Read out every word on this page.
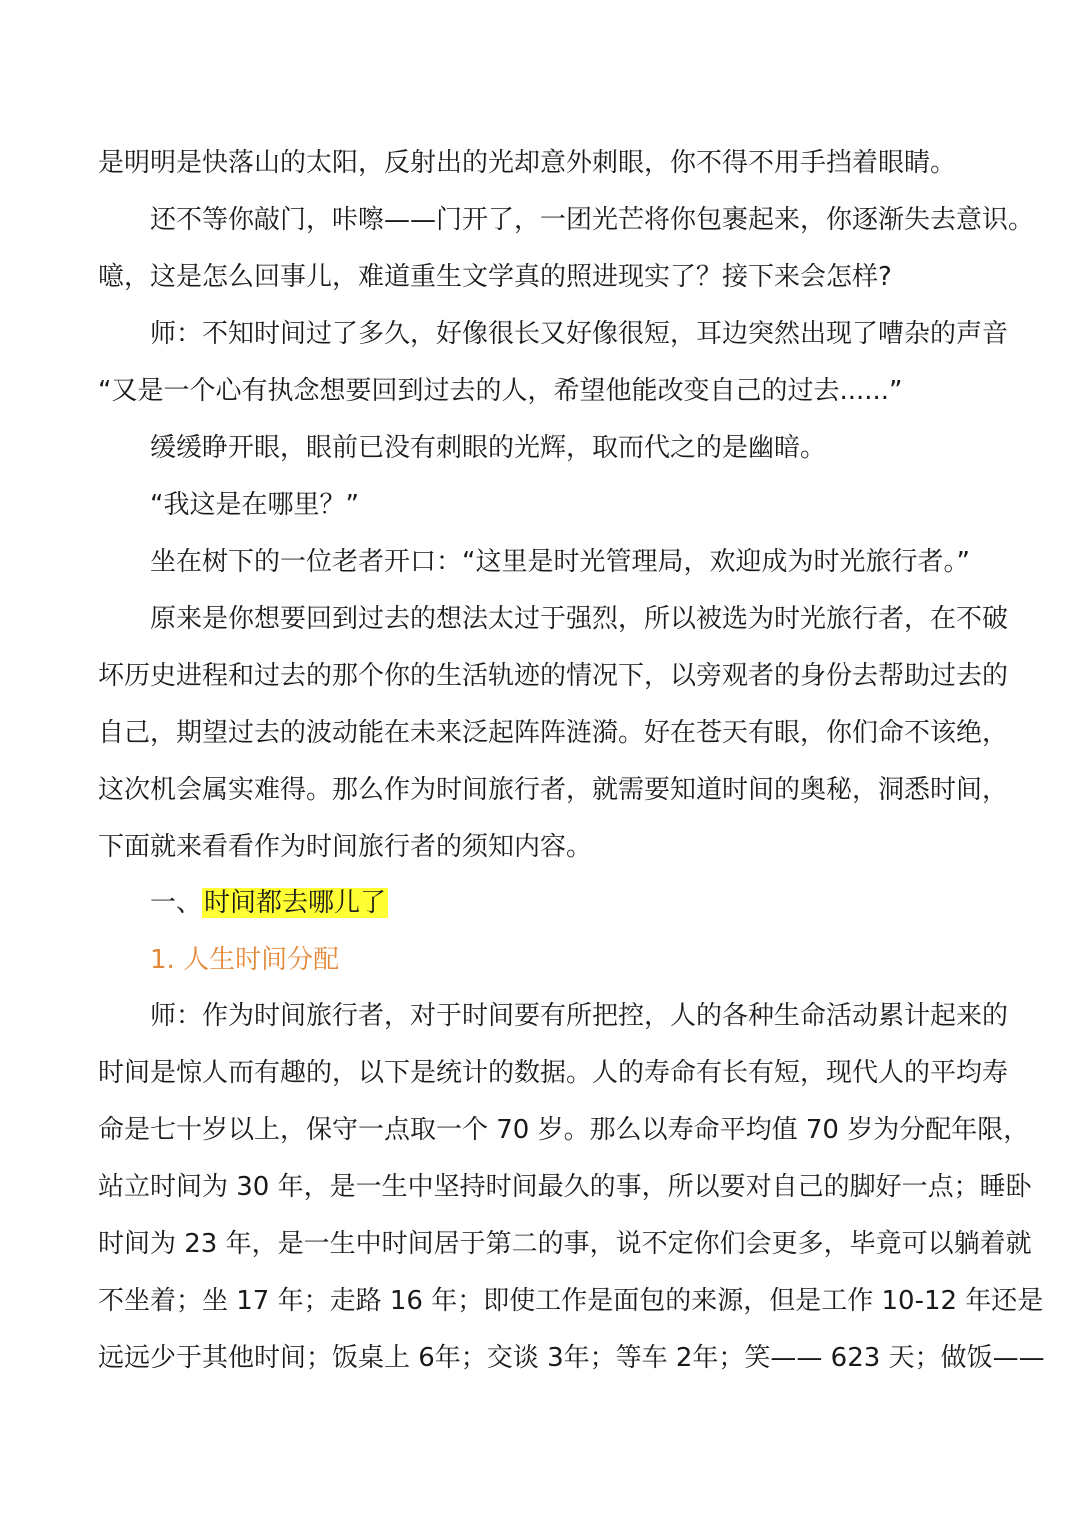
是明明是快落山的太阳，反射出的光却意外刺眼，你不得不用手挡着眼睛。
还不等你敲门，咔嚓——门开了，一团光芒将你包裹起来，你逐渐失去意识。
噫，这是怎么回事儿，难道重生文学真的照进现实了？接下来会怎样?
师：不知时间过了多久，好像很长又好像很短，耳边突然出现了嘈杂的声音
“又是一个心有执念想要回到过去的人，希望他能改变自己的过去......”
缓缓睁开眼，眼前已没有刺眼的光辉，取而代之的是幽暗。
“我这是在哪里？”
坐在树下的一位老者开口：“这里是时光管理局，欢迎成为时光旅行者。”
原来是你想要回到过去的想法太过于强烈，所以被选为时光旅行者，在不破
坏历史进程和过去的那个你的生活轨迹的情况下，以旁观者的身份去帮助过去的
自己，期望过去的波动能在未来泛起阵阵涟漪。好在苍天有眼，你们命不该绝，
这次机会属实难得。那么作为时间旅行者，就需要知道时间的奥秘，洞悉时间，
下面就来看看作为时间旅行者的须知内容。
一、时间都去哪儿了
1. 人生时间分配
师：作为时间旅行者，对于时间要有所把控，人的各种生命活动累计起来的
时间是惊人而有趣的，以下是统计的数据。人的寿命有长有短，现代人的平均寿
命是七十岁以上，保守一点取一个 70 岁。那么以寿命平均值 70 岁为分配年限，
站立时间为 30 年，是一生中坚持时间最久的事，所以要对自己的脚好一点；睡卧
时间为 23 年，是一生中时间居于第二的事，说不定你们会更多，毕竟可以躺着就
不坐着；坐 17 年；走路 16 年；即使工作是面包的来源，但是工作 10-12 年还是
远远少于其他时间；饭桌上 6年；交谈 3年；等车 2年；笑—— 623 天；做饭——
